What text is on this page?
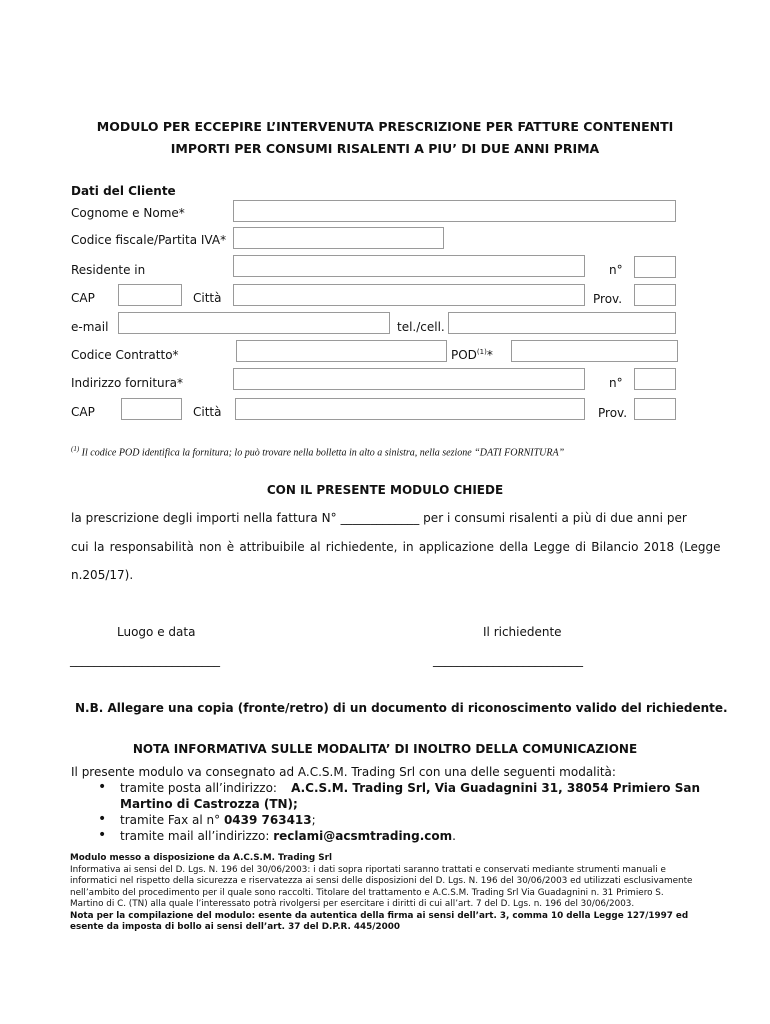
MODULO PER ECCEPIRE L’INTERVENUTA PRESCRIZIONE PER FATTURE CONTENENTI
IMPORTI PER CONSUMI RISALENTI A PIU’ DI DUE ANNI PRIMA
Dati del Cliente
Cognome e Nome*
Codice fiscale/Partita IVA*
Residente in	n°
CAP	Città	Prov.
e-mail	tel./cell.
Codice Contratto*	POD$^{(1)}$*
Indirizzo fornitura*	n°
CAP	Città	Prov.
$^{(1)}$ Il codice POD identifica la fornitura; lo può trovare nella bolletta in alto a sinistra, nella sezione “DATI FORNITURA”
CON IL PRESENTE MODULO CHIEDE
la prescrizione degli importi nella fattura N° _____________ per i consumi risalenti a più di due anni per
cui la responsabilità non è attribuibile al richiedente, in applicazione della Legge di Bilancio 2018 (Legge
n.205/17).
Luogo e data	Il richiedente
_________________________	_________________________
N.B. Allegare una copia (fronte/retro) di un documento di riconoscimento valido del richiedente.
NOTA INFORMATIVA SULLE MODALITA’ DI INOLTRO DELLA COMUNICAZIONE
Il presente modulo va consegnato ad A.C.S.M. Trading Srl con una delle seguenti modalità:
• tramite posta all’indirizzo: A.C.S.M. Trading Srl, Via Guadagnini 31, 38054 Primiero San
Martino di Castrozza (TN);
• tramite Fax al n° 0439 763413;
• tramite mail all’indirizzo: reclami@acsmtrading.com.
Modulo messo a disposizione da A.C.S.M. Trading Srl
Informativa ai sensi del D. Lgs. N. 196 del 30/06/2003: i dati sopra riportati saranno trattati e conservati mediante strumenti manuali e
informatici nel rispetto della sicurezza e riservatezza ai sensi delle disposizioni del D. Lgs. N. 196 del 30/06/2003 ed utilizzati esclusivamente
nell’ambito del procedimento per il quale sono raccolti. Titolare del trattamento e A.C.S.M. Trading Srl Via Guadagnini n. 31 Primiero S.
Martino di C. (TN) alla quale l’interessato potrà rivolgersi per esercitare i diritti di cui all’art. 7 del D. Lgs. n. 196 del 30/06/2003.
Nota per la compilazione del modulo: esente da autentica della firma ai sensi dell’art. 3, comma 10 della Legge 127/1997 ed
esente da imposta di bollo ai sensi dell’art. 37 del D.P.R. 445/2000
